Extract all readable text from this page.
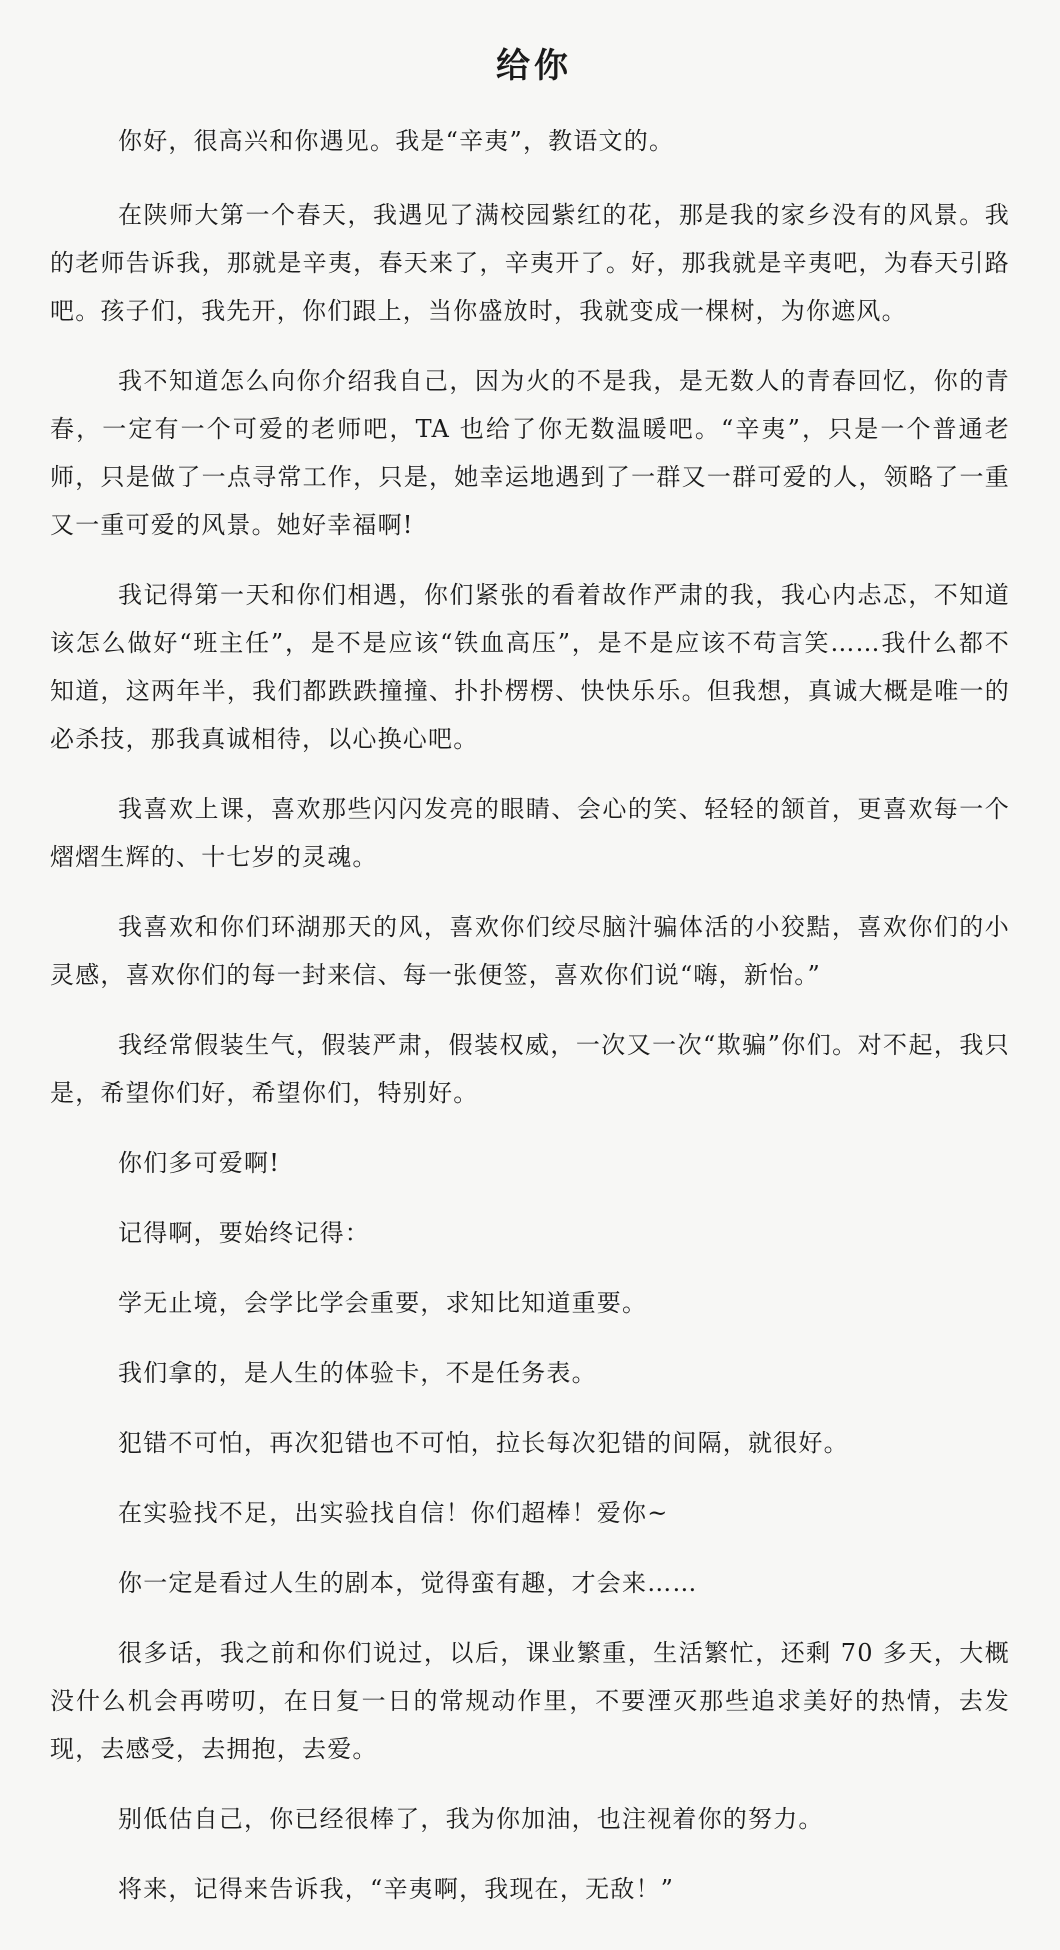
给你

你好，很高兴和你遇见。我是“辛夷”，教语文的。

在陕师大第一个春天，我遇见了满校园紫红的花，那是我的家乡没有的风景。我的老师告诉我，那就是辛夷，春天来了，辛夷开了。好，那我就是辛夷吧，为春天引路吧。孩子们，我先开，你们跟上，当你盛放时，我就变成一棵树，为你遮风。

我不知道怎么向你介绍我自己，因为火的不是我，是无数人的青春回忆，你的青春，一定有一个可爱的老师吧，TA 也给了你无数温暖吧。“辛夷”，只是一个普通老师，只是做了一点寻常工作，只是，她幸运地遇到了一群又一群可爱的人，领略了一重又一重可爱的风景。她好幸福啊!

我记得第一天和你们相遇，你们紧张的看着故作严肃的我，我心内忐忑，不知道该怎么做好“班主任”，是不是应该“铁血高压”，是不是应该不苟言笑……我什么都不知道，这两年半，我们都跌跌撞撞、扑扑楞楞、快快乐乐。但我想，真诚大概是唯一的必杀技，那我真诚相待，以心换心吧。

我喜欢上课，喜欢那些闪闪发亮的眼睛、会心的笑、轻轻的颔首，更喜欢每一个熠熠生辉的、十七岁的灵魂。

我喜欢和你们环湖那天的风，喜欢你们绞尽脑汁骗体活的小狡黠，喜欢你们的小灵感，喜欢你们的每一封来信、每一张便签，喜欢你们说“嗨，新怡。”

我经常假装生气，假装严肃，假装权威，一次又一次“欺骗”你们。对不起，我只是，希望你们好，希望你们，特别好。

你们多可爱啊!

记得啊，要始终记得：

学无止境，会学比学会重要，求知比知道重要。

我们拿的，是人生的体验卡，不是任务表。

犯错不可怕，再次犯错也不可怕，拉长每次犯错的间隔，就很好。

在实验找不足，出实验找自信！你们超棒！爱你~

你一定是看过人生的剧本，觉得蛮有趣，才会来……

很多话，我之前和你们说过，以后，课业繁重，生活繁忙，还剩 70 多天，大概没什么机会再唠叨，在日复一日的常规动作里，不要湮灭那些追求美好的热情，去发现，去感受，去拥抱，去爱。

别低估自己，你已经很棒了，我为你加油，也注视着你的努力。

将来，记得来告诉我，“辛夷啊，我现在，无敌！”
